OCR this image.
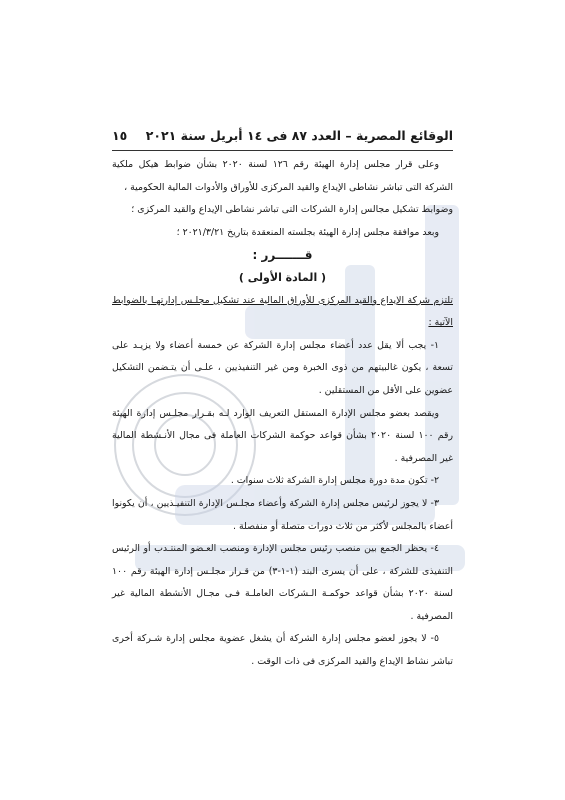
الوقائع المصرية – العدد ٨٧ فى ١٤ أبريل سنة ٢٠٢١
١٥

وعلى قرار مجلس إدارة الهيئة رقم ١٢٦ لسنة ٢٠٢٠ بشأن ضوابط هيكل ملكية الشركة التى تباشر نشاطى الإيداع والقيد المركزى للأوراق والأدوات المالية الحكومية ،

وضوابط تشكيل مجالس إدارة الشركات التى تباشر نشاطى الإيداع والقيد المركزى ؛

وبعد موافقة مجلس إدارة الهيئة بجلسته المنعقدة بتاريخ ٢٠٢١/٣/٢١ ؛

قـــــــرر :

( المادة الأولى )

تلتزم شركة الإيداع والقيد المركزى للأوراق المالية عند تشكيل مجلـس إدارتهـا بالضوابط الآتية :

١- يجب ألا يقل عدد أعضاء مجلس إدارة الشركة عن خمسة أعضاء ولا يزيـد على تسعة ، يكون غالبيتهم من ذوى الخبرة ومن غير التنفيذيين ، علـى أن يتـضمن التشكيل عضوين على الأقل من المستقلين .

ويقصد بعضو مجلس الإدارة المستقل التعريف الوارد لـه بقـرار مجلـس إدارة الهيئة رقم ١٠٠ لسنة ٢٠٢٠ بشأن قواعد حوكمة الشركات العاملة فى مجال الأنـشطة المالية غير المصرفية .

٢- تكون مدة دورة مجلس إدارة الشركة ثلاث سنوات .

٣- لا يجوز لرئيس مجلس إدارة الشركة وأعضاء مجلـس الإدارة التنفيـذيين ، أن يكونوا أعضاء بالمجلس لأكثر من ثلاث دورات متصلة أو منفصلة .

٤- يحظر الجمع بين منصب رئيس مجلس الإدارة ومنصب العـضو المنتـدب أو الرئيس التنفيذى للشركة ، على أن يسرى البند (١-١-٣) من قـرار مجلـس إدارة الهيئة رقم ١٠٠ لسنة ٢٠٢٠ بشأن قواعد حوكمـة الـشركات العاملـة فـى مجـال الأنشطة المالية غير المصرفية .

٥- لا يجوز لعضو مجلس إدارة الشركة أن يشغل عضوية مجلس إدارة شـركة أخرى تباشر نشاط الإيداع والقيد المركزى فى ذات الوقت .
